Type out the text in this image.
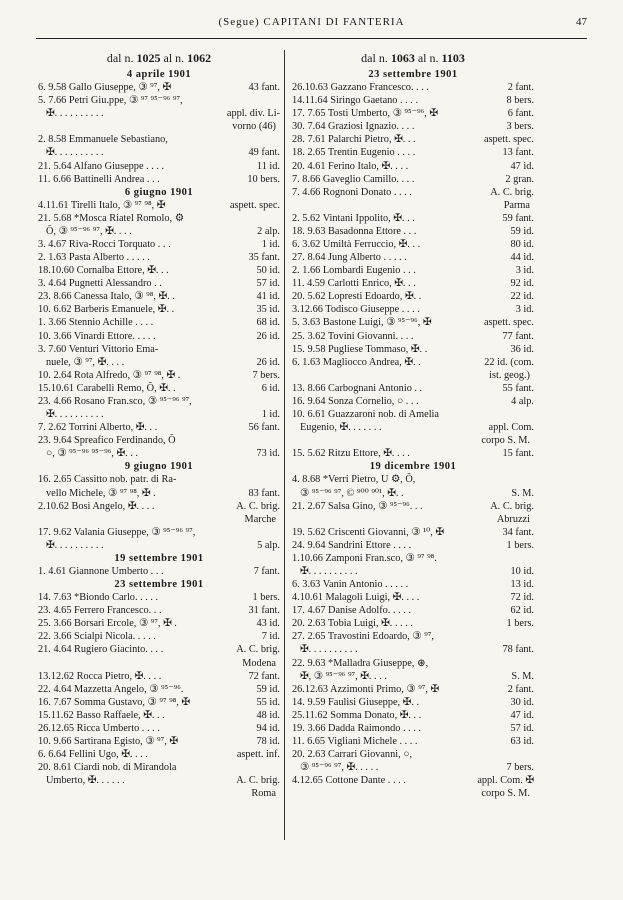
(Segue) CAPITANI DI FANTERIA	47
dal n. 1025 al n. 1062
4 aprile 1901
6. 9.58 Gallo Giuseppe, ③ ⁹⁷, ✠	43 fant.
5. 7.66 Petri Giu.ppe, ③ ⁹⁷ ⁹⁵⁻⁹⁶ ⁹⁷,
✠. . . . . . . . . .	appl. div. Li-
vorno (46)
2. 8.58 Emmanuele Sebastiano,
✠. . . . . . . . . .	49 fant.
21. 5.64 Alfano Giuseppe . . . .	11 id.
11. 6.66 Battinelli Andrea . . .	10 bers.
6 giugno 1901
4.11.61 Tirelli Italo, ③ ⁹⁷ ⁹⁸, ✠	aspett. spec.
21. 5.68 *Mosca Riatel Romolo, ⚙
Ŏ, ③ ⁹⁵⁻⁹⁶ ⁹⁷, ✠. . . .	2 alp.
3. 4.67 Riva-Rocci Torquato . . .	1 id.
2. 1.63 Pasta Alberto . . . . .	35 fant.
18.10.60 Cornalba Ettore, ✠. . .	50 id.
3. 4.64 Pugnetti Alessandro . .	57 id.
23. 8.66 Canessa Italo, ③ ⁹⁸, ✠. .	41 id.
10. 6.62 Barberis Emanuele, ✠. .	35 id.
1. 3.66 Stennio Achille . . . .	68 id.
10. 3.66 Vinardi Ettore. . . . .	26 id.
3. 7.60 Venturi Vittorio Ema-
nuele, ③ ⁹⁷, ✠. . . .	26 id.
10. 2.64 Rota Alfredo, ③ ⁹⁷ ⁹⁸, ✠ .	7 bers.
15.10.61 Carabelli Remo, Ŏ, ✠. .	6 id.
23. 4.66 Rosano Fran.sco, ③ ⁹⁵⁻⁹⁶ ⁹⁷,
✠. . . . . . . . . .	1 id.
7. 2.62 Torrini Alberto, ✠. . .	56 fant.
23. 9.64 Spreafico Ferdinando, Ŏ
○, ③ ⁹⁵⁻⁹⁶ ⁹⁵⁻⁹⁶, ✠. . .	73 id.
9 giugno 1901
16. 2.65 Cassitto nob. patr. di Ra-
vello Michele, ③ ⁹⁷ ⁹⁸, ✠ .	83 fant.
2.10.62 Bosi Angelo, ✠. . . .	A. C. brig.
Marche
17. 9.62 Valania Giuseppe, ③ ⁹⁵⁻⁹⁶ ⁹⁷,
✠. . . . . . . . . .	5 alp.
19 settembre 1901
1. 4.61 Giannone Umberto . . .	7 fant.
23 settembre 1901
14. 7.63 *Biondo Carlo. . . . .	1 bers.
23. 4.65 Ferrero Francesco. . .	31 fant.
25. 3.66 Borsari Ercole, ③ ⁹⁷, ✠ .	43 id.
22. 3.66 Scialpi Nicola. . . . .	7 id.
21. 4.64 Rugiero Giacinto. . . .	A. C. brig.
Modena
13.12.62 Rocca Pietro, ✠. . . .	72 fant.
22. 4.64 Mazzetta Angelo, ③ ⁹⁵⁻⁹⁶.	59 id.
16. 7.67 Somma Gustavo, ③ ⁹⁷ ⁹⁸, ✠	55 id.
15.11.62 Basso Raffaele, ✠. . .	48 id.
26.12.65 Ricca Umberto . . . .	94 id.
10. 9.66 Sartirana Egisto, ③ ⁹⁷, ✠	78 id.
6. 6.64 Fellini Ugo, ✠. . . .	aspett. inf.
20. 8.61 Ciardi nob. di Mirandola
Umberto, ✠. . . . . .	A. C. brig.
Roma
dal n. 1063 al n. 1103
23 settembre 1901
26.10.63 Gazzano Francesco. . . .	2 fant.
14.11.64 Siringo Gaetano . . . .	8 bers.
17. 7.65 Tosti Umberto, ③ ⁹⁵⁻⁹⁶, ✠	6 fant.
30. 7.64 Graziosi Ignazio. . . .	3 bers.
28. 7.61 Palarchi Pietro, ✠. . .	aspett. spec.
18. 2.65 Trentin Eugenio . . . .	13 fant.
20. 4.61 Ferino Italo, ✠. . . .	47 id.
7. 8.66 Gaveglio Camillo. . . .	2 gran.
7. 4.66 Rognoni Donato . . . .	A. C. brig.
Parma
2. 5.62 Vintani Ippolito, ✠. . .	59 fant.
18. 9.63 Basadonna Ettore . . .	59 id.
6. 3.62 Umiltà Ferruccio, ✠. . .	80 id.
27. 8.64 Jung Alberto . . . . .	44 id.
2. 1.66 Lombardi Eugenio . . .	3 id.
11. 4.59 Carlotti Enrico, ✠. . .	92 id.
20. 5.62 Lopresti Edoardo, ✠. .	22 id.
3.12.66 Todisco Giuseppe . . . .	3 id.
5. 3.63 Bastone Luigi, ③ ⁹⁵⁻⁹⁶, ✠	aspett. spec.
25. 3.62 Tovini Giovanni. . . .	77 fant.
15. 9.58 Pugliese Tommaso, ✠. .	36 id.
6. 1.63 Magliocco Andrea, ✠. .	22 id. (com.
ist. geog.)
13. 8.66 Carbognani Antonio . .	55 fant.
16. 9.64 Sonza Cornelio, ○ . . .	4 alp.
10. 6.61 Guazzaroni nob. di Amelia
Eugenio, ✠. . . . . . .	appl. Com.
corpo S. M.
15. 5.62 Ritzu Ettore, ✠. . . .	15 fant.
19 dicembre 1901
4. 8.68 *Verri Pietro, U ⚙, Ŏ,
③ ⁹⁵⁻⁹⁶ ⁹⁷, © ⁹⁰⁰ ⁹⁰¹, ✠. .	S. M.
21. 2.67 Salsa Gino, ③ ⁹⁵⁻⁹⁶. . .	A. C. brig.
Abruzzi
19. 5.62 Criscenti Giovanni, ③ ¹⁰, ✠	34 fant.
24. 9.64 Sandrini Ettore . . . .	1 bers.
1.10.66 Zamponi Fran.sco, ③ ⁹⁷ ⁹⁸.
✠. . . . . . . . . .	10 id.
6. 3.63 Vanin Antonio . . . . .	13 id.
4.10.61 Malagoli Luigi, ✠. . . .	72 id.
17. 4.67 Danise Adolfo. . . . .	62 id.
20. 2.63 Tobia Luigi, ✠. . . . .	1 bers.
27. 2.65 Travostini Edoardo, ③ ⁹⁷,
✠. . . . . . . . . .	78 fant.
22. 9.63 *Malladra Giuseppe, ⊛,
✠, ③ ⁹⁵⁻⁹⁶ ⁹⁷, ✠. . . .	S. M.
26.12.63 Azzimonti Primo, ③ ⁹⁷, ✠	2 fant.
14. 9.59 Faulisi Giuseppe, ✠. .	30 id.
25.11.62 Somma Donato, ✠. . .	47 id.
19. 3.66 Dadda Raimondo . . . .	57 id.
11. 6.65 Vigliani Michele . . . .	63 id.
20. 2.63 Carrari Giovanni, ○,
③ ⁹⁵⁻⁹⁶ ⁹⁷, ✠. . . . .	7 bers.
4.12.65 Cottone Dante . . . .	appl. Com. ✠
corpo S. M.
